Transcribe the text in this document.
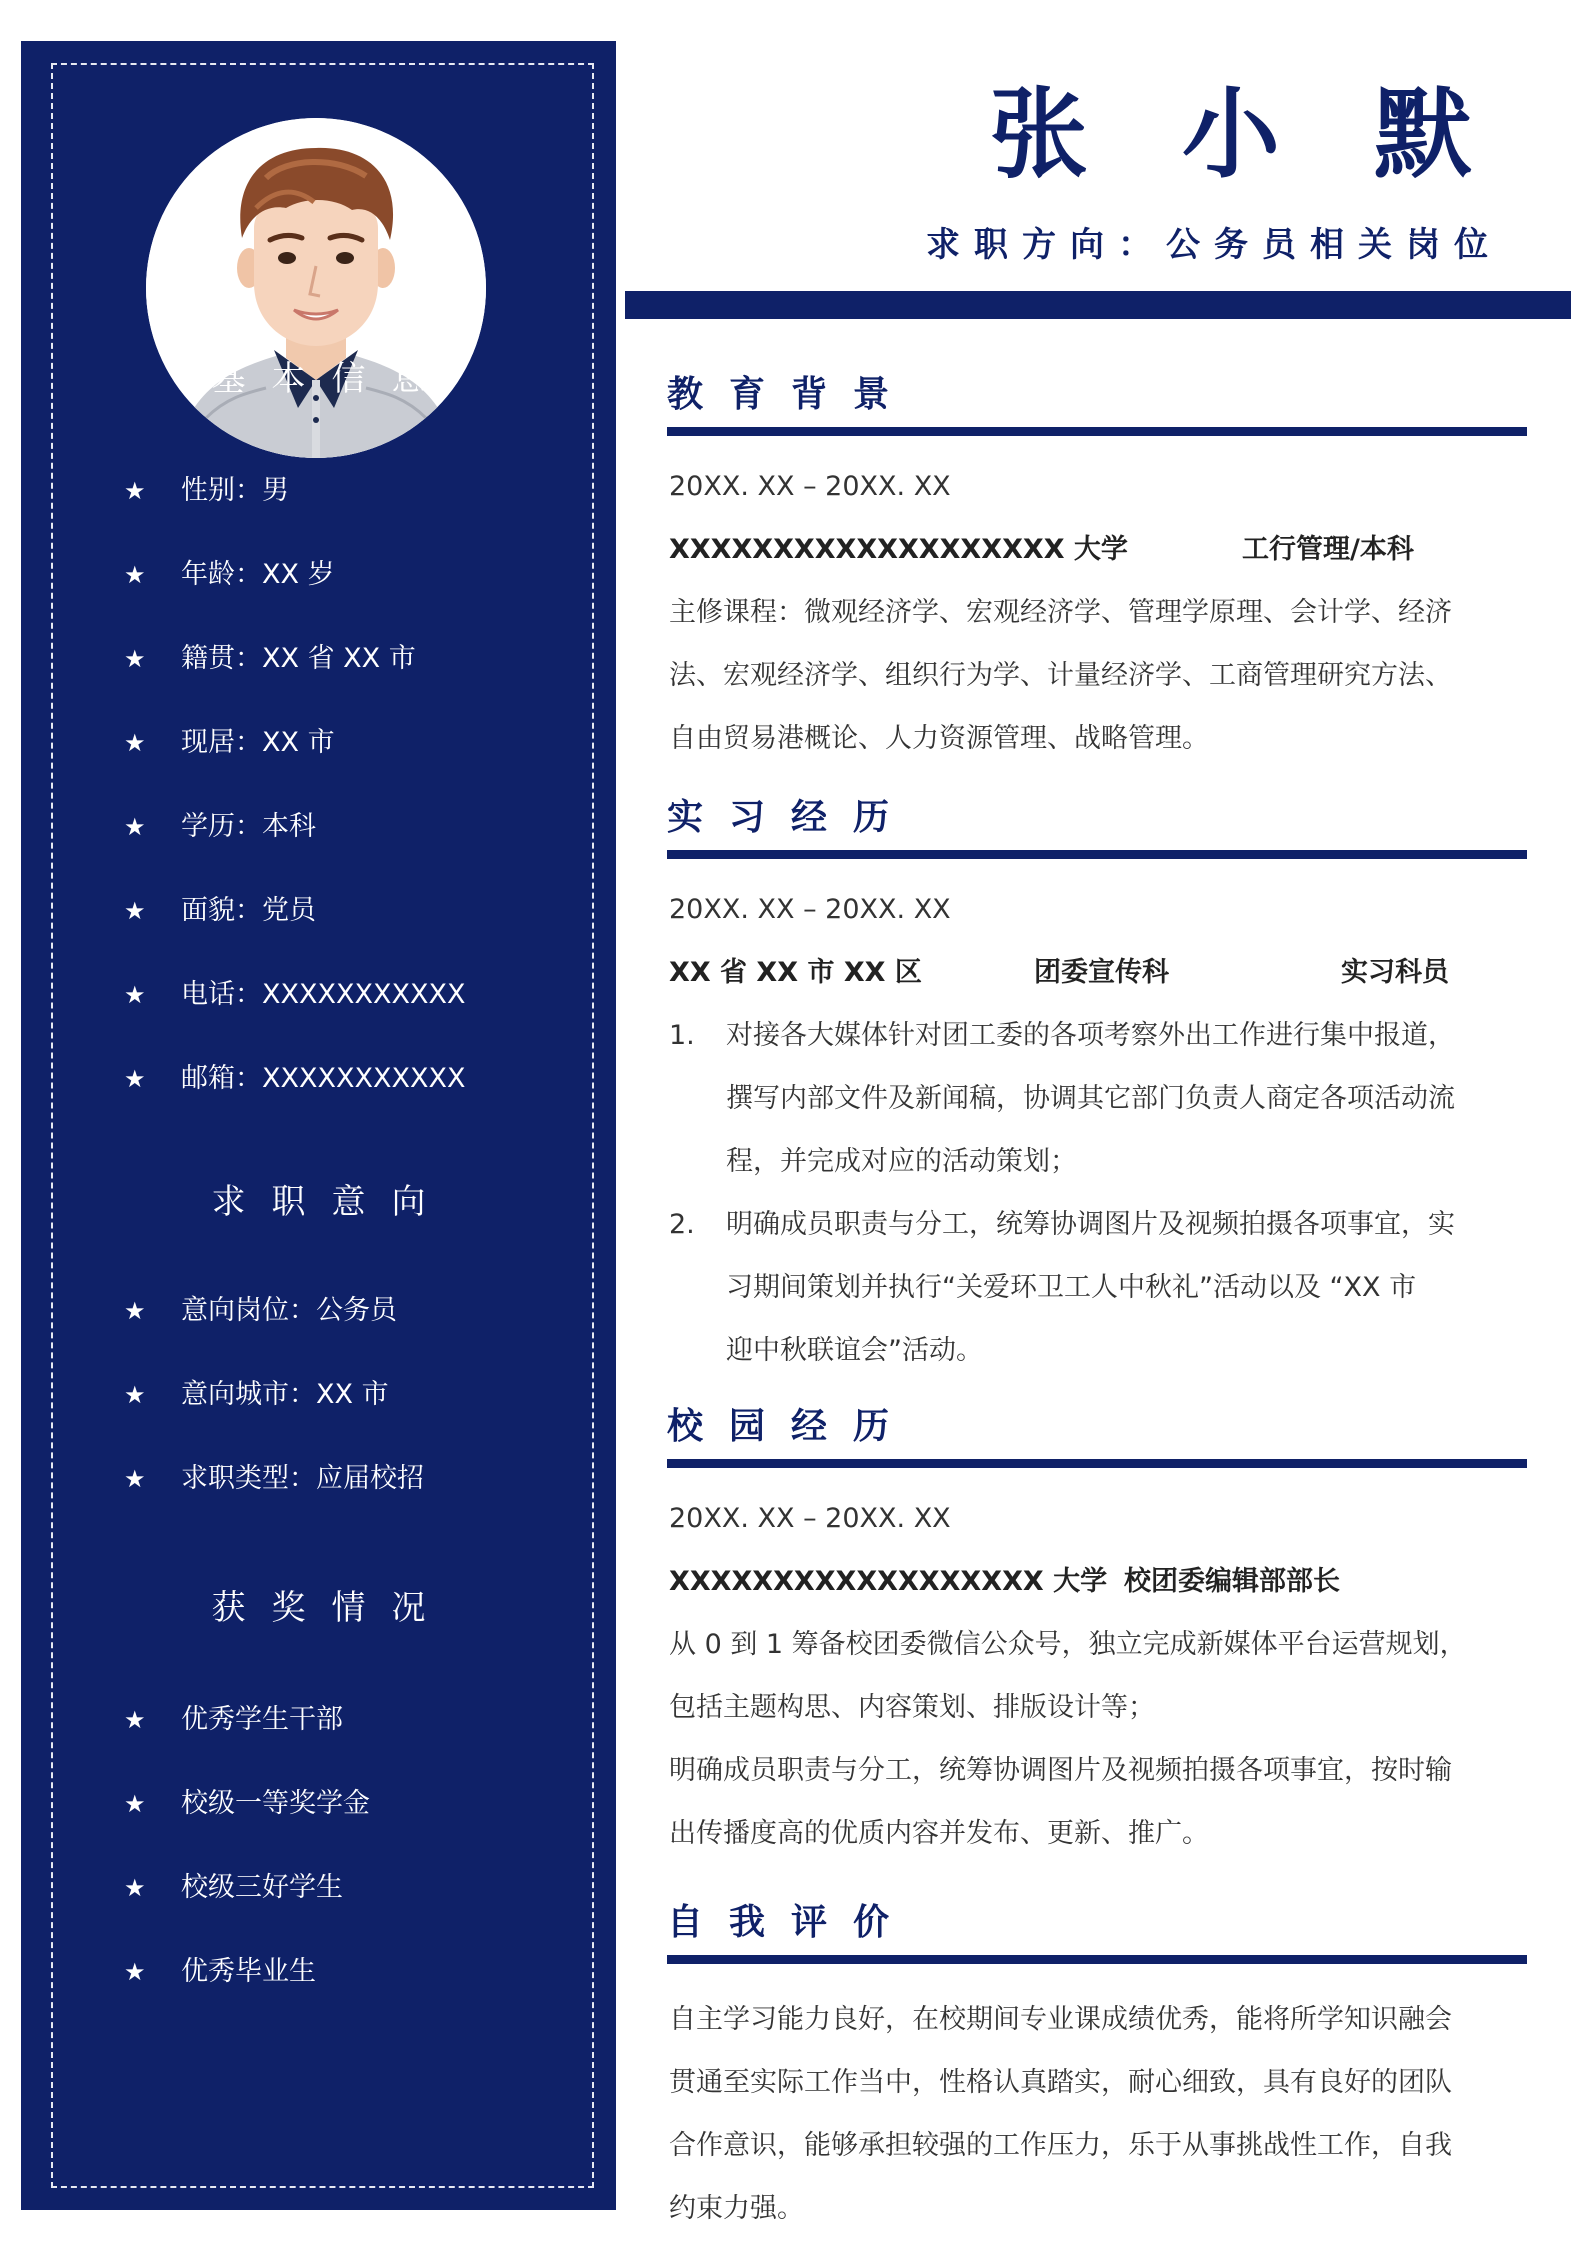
基本信息
★ 性别：男
★ 年龄：XX 岁
★ 籍贯：XX 省 XX 市
★ 现居：XX 市
★ 学历：本科
★ 面貌：党员
★ 电话：XXXXXXXXXXX
★ 邮箱：XXXXXXXXXXX
求职意向
★ 意向岗位：公务员
★ 意向城市：XX 市
★ 求职类型：应届校招
获奖情况
★ 优秀学生干部
★ 校级一等奖学金
★ 校级三好学生
★ 优秀毕业生
张 小 默
求职方向：公务员相关岗位
教育背景
20XX. XX – 20XX. XX
XXXXXXXXXXXXXXXXXXX 大学	工行管理/本科
主修课程：微观经济学、宏观经济学、管理学原理、会计学、经济
法、宏观经济学、组织行为学、计量经济学、工商管理研究方法、
自由贸易港概论、人力资源管理、战略管理。
实习经历
20XX. XX – 20XX. XX
XX 省 XX 市 XX 区	团委宣传科	实习科员
1. 对接各大媒体针对团工委的各项考察外出工作进行集中报道，
撰写内部文件及新闻稿，协调其它部门负责人商定各项活动流
程，并完成对应的活动策划；
2. 明确成员职责与分工，统筹协调图片及视频拍摄各项事宜，实
习期间策划并执行“关爱环卫工人中秋礼”活动以及 “XX 市
迎中秋联谊会”活动。
校园经历
20XX. XX – 20XX. XX
XXXXXXXXXXXXXXXXXX 大学 校团委编辑部部长
从 0 到 1 筹备校团委微信公众号，独立完成新媒体平台运营规划，
包括主题构思、内容策划、排版设计等；
明确成员职责与分工，统筹协调图片及视频拍摄各项事宜，按时输
出传播度高的优质内容并发布、更新、推广。
自我评价
自主学习能力良好，在校期间专业课成绩优秀，能将所学知识融会
贯通至实际工作当中，性格认真踏实，耐心细致，具有良好的团队
合作意识，能够承担较强的工作压力，乐于从事挑战性工作，自我
约束力强。
